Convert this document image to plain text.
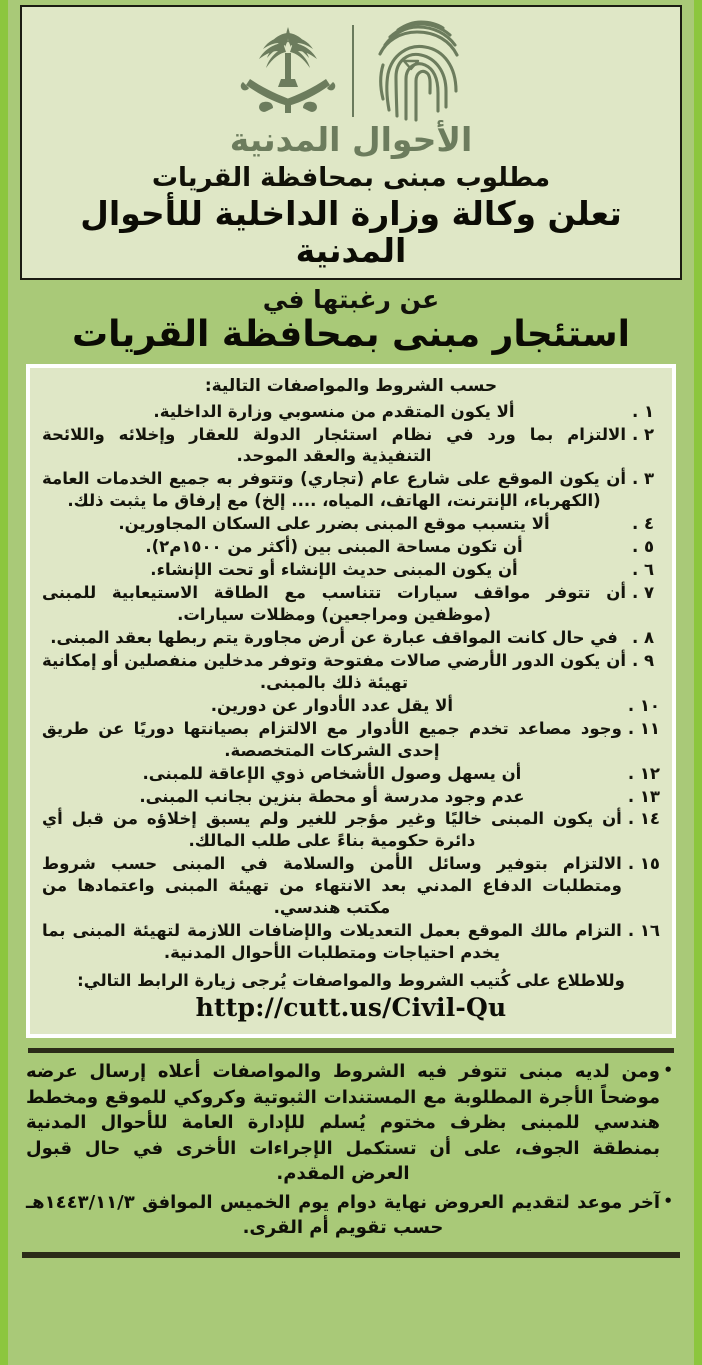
الأحوال المدنية
مطلوب مبنى بمحافظة القريات
تعلن وكالة وزارة الداخلية للأحوال المدنية
عن رغبتها في
استئجار مبنى بمحافظة القريات
حسب الشروط والمواصفات التالية:
١ .
ألا يكون المتقدم من منسوبي وزارة الداخلية.
٢ .
الالتزام بما ورد في نظام استئجار الدولة للعقار وإخلائه واللائحة التنفيذية والعقد الموحد.
٣ .
أن يكون الموقع على شارع عام (تجاري) وتتوفر به جميع الخدمات العامة (الكهرباء، الإنترنت، الهاتف، المياه، .... إلخ) مع إرفاق ما يثبت ذلك.
٤ .
ألا يتسبب موقع المبنى بضرر على السكان المجاورين.
٥ .
أن تكون مساحة المبنى بين (أكثر من ١٥٠٠م٢).
٦ .
أن يكون المبنى حديث الإنشاء أو تحت الإنشاء.
٧ .
أن تتوفر مواقف سيارات تتناسب مع الطاقة الاستيعابية للمبنى (موظفين ومراجعين) ومظلات سيارات.
٨ .
في حال كانت المواقف عبارة عن أرض مجاورة يتم ربطها بعقد المبنى.
٩ .
أن يكون الدور الأرضي صالات مفتوحة وتوفر مدخلين منفصلين أو إمكانية تهيئة ذلك بالمبنى.
١٠ .
ألا يقل عدد الأدوار عن دورين.
١١ .
وجود مصاعد تخدم جميع الأدوار مع الالتزام بصيانتها دوريًا عن طريق إحدى الشركات المتخصصة.
١٢ .
أن يسهل وصول الأشخاص ذوي الإعاقة للمبنى.
١٣ .
عدم وجود مدرسة أو محطة بنزين بجانب المبنى.
١٤ .
أن يكون المبنى خاليًا وغير مؤجر للغير ولم يسبق إخلاؤه من قبل أي دائرة حكومية بناءً على طلب المالك.
١٥ .
الالتزام بتوفير وسائل الأمن والسلامة في المبنى حسب شروط ومتطلبات الدفاع المدني بعد الانتهاء من تهيئة المبنى واعتمادها من مكتب هندسي.
١٦ .
التزام مالك الموقع بعمل التعديلات والإضافات اللازمة لتهيئة المبنى بما يخدم احتياجات ومتطلبات الأحوال المدنية.
وللاطلاع على كُتيب الشروط والمواصفات يُرجى زيارة الرابط التالي:
http://cutt.us/Civil-Qu
•
ومن لديه مبنى تتوفر فيه الشروط والمواصفات أعلاه إرسال عرضه موضحاً الأجرة المطلوبة مع المستندات الثبوتية وكروكي للموقع ومخطط هندسي للمبنى بظرف مختوم يُسلم للإدارة العامة للأحوال المدنية بمنطقة الجوف، على أن تستكمل الإجراءات الأخرى في حال قبول العرض المقدم.
•
آخر موعد لتقديم العروض نهاية دوام يوم الخميس الموافق ١٤٤٣/١١/٣هـ حسب تقويم أم القرى.
